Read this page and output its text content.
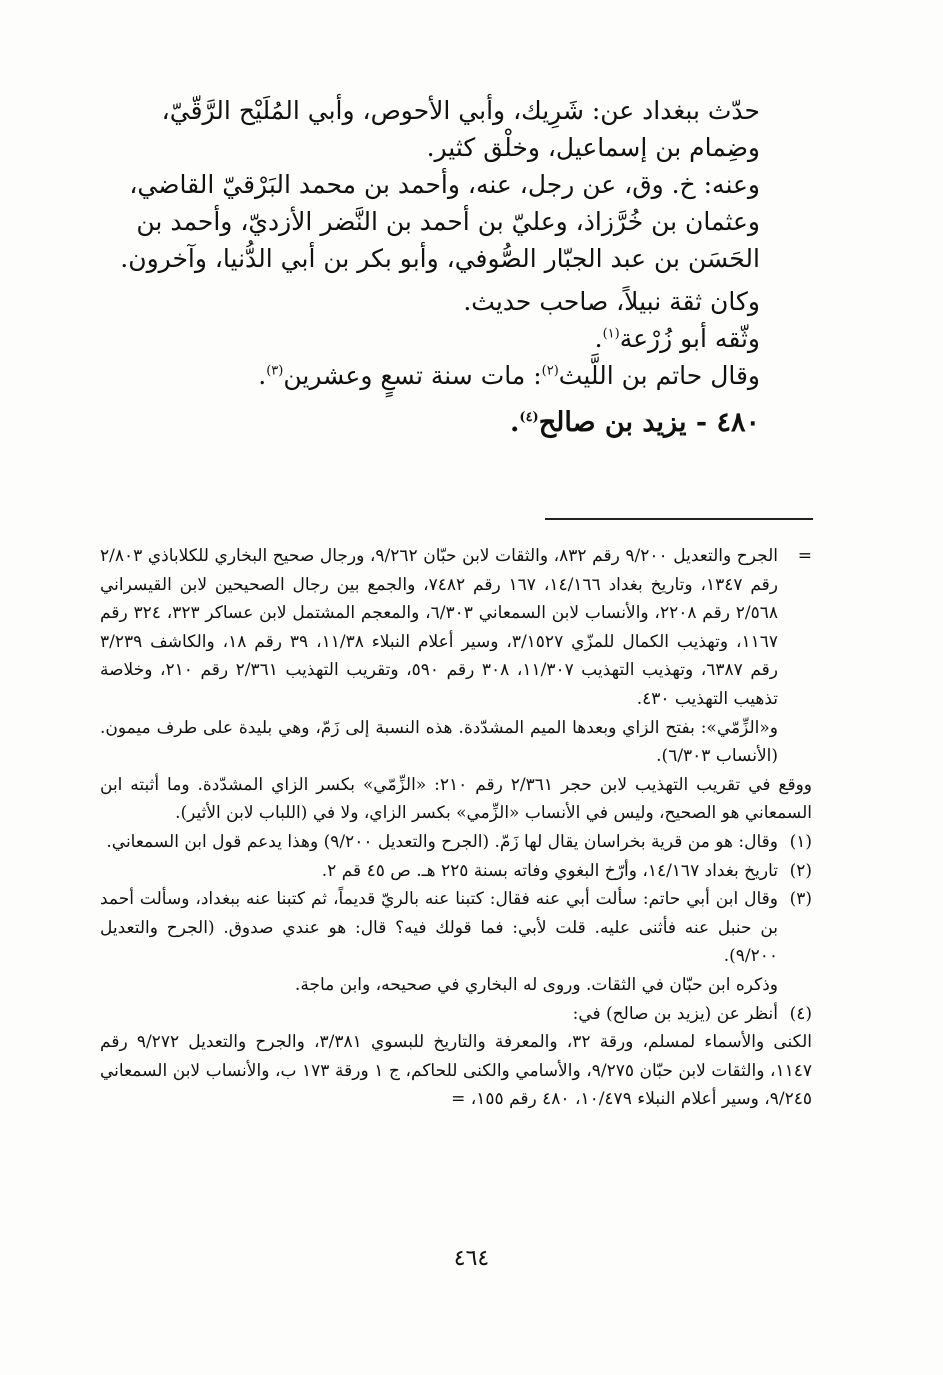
حدّث ببغداد عن: شَرِيك، وأبي الأحوص، وأبي المُلَيْح الرَّقّيّ، وضِمام بن إسماعيل، وخلْق كثير.

وعنه: خ. وق، عن رجل، عنه، وأحمد بن محمد البَرْقيّ القاضي، وعثمان بن خُرَّزاذ، وعليّ بن أحمد بن النَّضر الأزديّ، وأحمد بن الحَسَن بن عبد الجبّار الصُّوفي، وأبو بكر بن أبي الدُّنيا، وآخرون.

وكان ثقة نبيلاً، صاحب حديث.

وثّقه أبو زُرْعة$^{(١)}$.

وقال حاتم بن اللَّيث$^{(٢)}$: مات سنة تسعٍ وعشرين$^{(٣)}$.

٤٨٠ - يزيد بن صالح$^{(٤)}$.

=

الجرح والتعديل ٩/٢٠٠ رقم ٨٣٢، والثقات لابن حبّان ٩/٢٦٢، ورجال صحيح البخاري للكلاباذي ٢/٨٠٣ رقم ١٣٤٧، وتاريخ بغداد ١٤/١٦٦، ١٦٧ رقم ٧٤٨٢، والجمع بين رجال الصحيحين لابن القيسراني ٢/٥٦٨ رقم ٢٢٠٨، والأنساب لابن السمعاني ٦/٣٠٣، والمعجم المشتمل لابن عساكر ٣٢٣، ٣٢٤ رقم ١١٦٧، وتهذيب الكمال للمزّي ٣/١٥٢٧، وسير أعلام النبلاء ١١/٣٨، ٣٩ رقم ١٨، والكاشف ٣/٢٣٩ رقم ٦٣٨٧، وتهذيب التهذيب ١١/٣٠٧، ٣٠٨ رقم ٥٩٠، وتقريب التهذيب ٢/٣٦١ رقم ٢١٠، وخلاصة تذهيب التهذيب ٤٣٠.

و«الزِّمّي»: بفتح الزاي وبعدها الميم المشدّدة. هذه النسبة إلى زَمّ، وهي بليدة على طرف ميمون. (الأنساب ٦/٣٠٣).

ووقع في تقريب التهذيب لابن حجر ٢/٣٦١ رقم ٢١٠: «الزِّمّي» بكسر الزاي المشدّدة. وما أثبته ابن السمعاني هو الصحيح، وليس في الأنساب «الزِّمي» بكسر الزاي، ولا في (اللباب لابن الأثير).

(١)

وقال: هو من قرية بخراسان يقال لها زَمّ. (الجرح والتعديل ٩/٢٠٠) وهذا يدعم قول ابن السمعاني.

(٢)

تاريخ بغداد ١٤/١٦٧، وأرّخ البغوي وفاته بسنة ٢٢٥ هـ. ص ٤٥ قم ٢.

(٣)

وقال ابن أبي حاتم: سألت أبي عنه فقال: كتبنا عنه بالريّ قديماً، ثم كتبنا عنه ببغداد، وسألت أحمد بن حنبل عنه فأثنى عليه. قلت لأبي: فما قولك فيه؟ قال: هو عندي صدوق. (الجرح والتعديل ٩/٢٠٠).

وذكره ابن حبّان في الثقات. وروى له البخاري في صحيحه، وابن ماجة.

(٤)

أنظر عن (يزيد بن صالح) في:

الكنى والأسماء لمسلم، ورقة ٣٢، والمعرفة والتاريخ للبسوي ٣/٣٨١، والجرح والتعديل ٩/٢٧٢ رقم ١١٤٧، والثقات لابن حبّان ٩/٢٧٥، والأسامي والكنى للحاكم، ج ١ ورقة ١٧٣ ب، والأنساب لابن السمعاني ٩/٢٤٥، وسير أعلام النبلاء ١٠/٤٧٩، ٤٨٠ رقم ١٥٥، =

٤٦٤
